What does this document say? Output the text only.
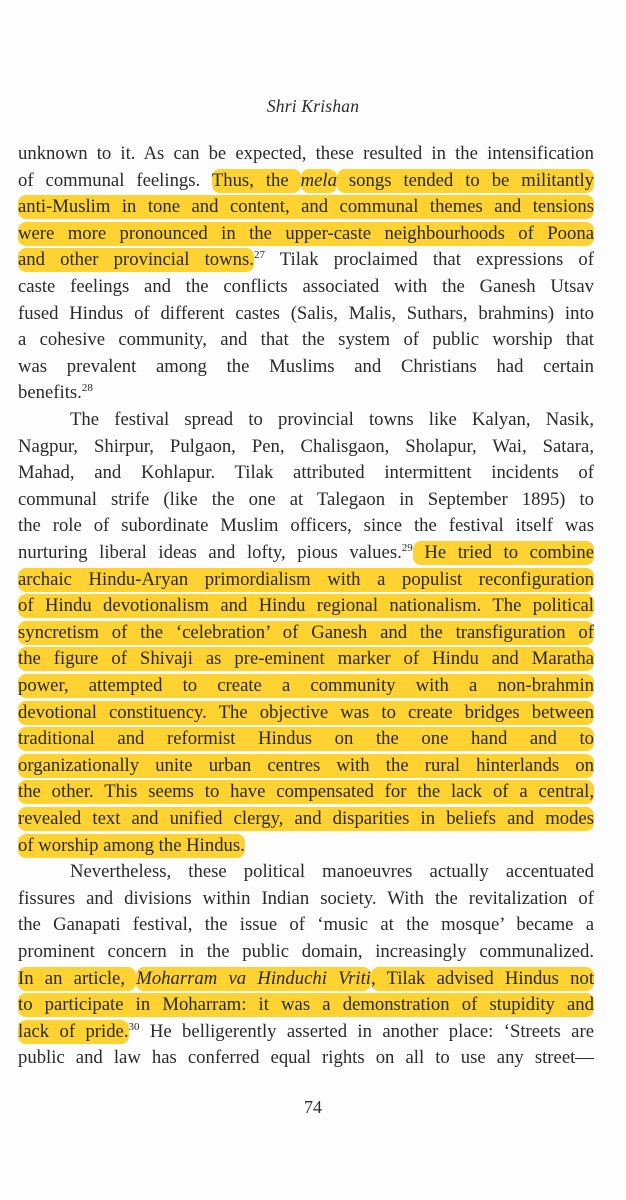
Shri Krishan
unknown to it. As can be expected, these resulted in the intensification
of communal feelings. Thus, the mela songs tended to be militantly
anti-Muslim in tone and content, and communal themes and tensions
were more pronounced in the upper-caste neighbourhoods of Poona
and other provincial towns.$^{27}$ Tilak proclaimed that expressions of
caste feelings and the conflicts associated with the Ganesh Utsav
fused Hindus of different castes (Salis, Malis, Suthars, brahmins) into
a cohesive community, and that the system of public worship that
was prevalent among the Muslims and Christians had certain
benefits.$^{28}$
The festival spread to provincial towns like Kalyan, Nasik,
Nagpur, Shirpur, Pulgaon, Pen, Chalisgaon, Sholapur, Wai, Satara,
Mahad, and Kohlapur. Tilak attributed intermittent incidents of
communal strife (like the one at Talegaon in September 1895) to
the role of subordinate Muslim officers, since the festival itself was
nurturing liberal ideas and lofty, pious values.$^{29}$ He tried to combine
archaic Hindu-Aryan primordialism with a populist reconfiguration
of Hindu devotionalism and Hindu regional nationalism. The political
syncretism of the ‘celebration’ of Ganesh and the transfiguration of
the figure of Shivaji as pre-eminent marker of Hindu and Maratha
power, attempted to create a community with a non-brahmin
devotional constituency. The objective was to create bridges between
traditional and reformist Hindus on the one hand and to
organizationally unite urban centres with the rural hinterlands on
the other. This seems to have compensated for the lack of a central,
revealed text and unified clergy, and disparities in beliefs and modes
of worship among the Hindus.
Nevertheless, these political manoeuvres actually accentuated
fissures and divisions within Indian society. With the revitalization of
the Ganapati festival, the issue of ‘music at the mosque’ became a
prominent concern in the public domain, increasingly communalized.
In an article, Moharram va Hinduchi Vriti, Tilak advised Hindus not
to participate in Moharram: it was a demonstration of stupidity and
lack of pride.$^{30}$ He belligerently asserted in another place: ‘Streets are
public and law has conferred equal rights on all to use any street—
74
